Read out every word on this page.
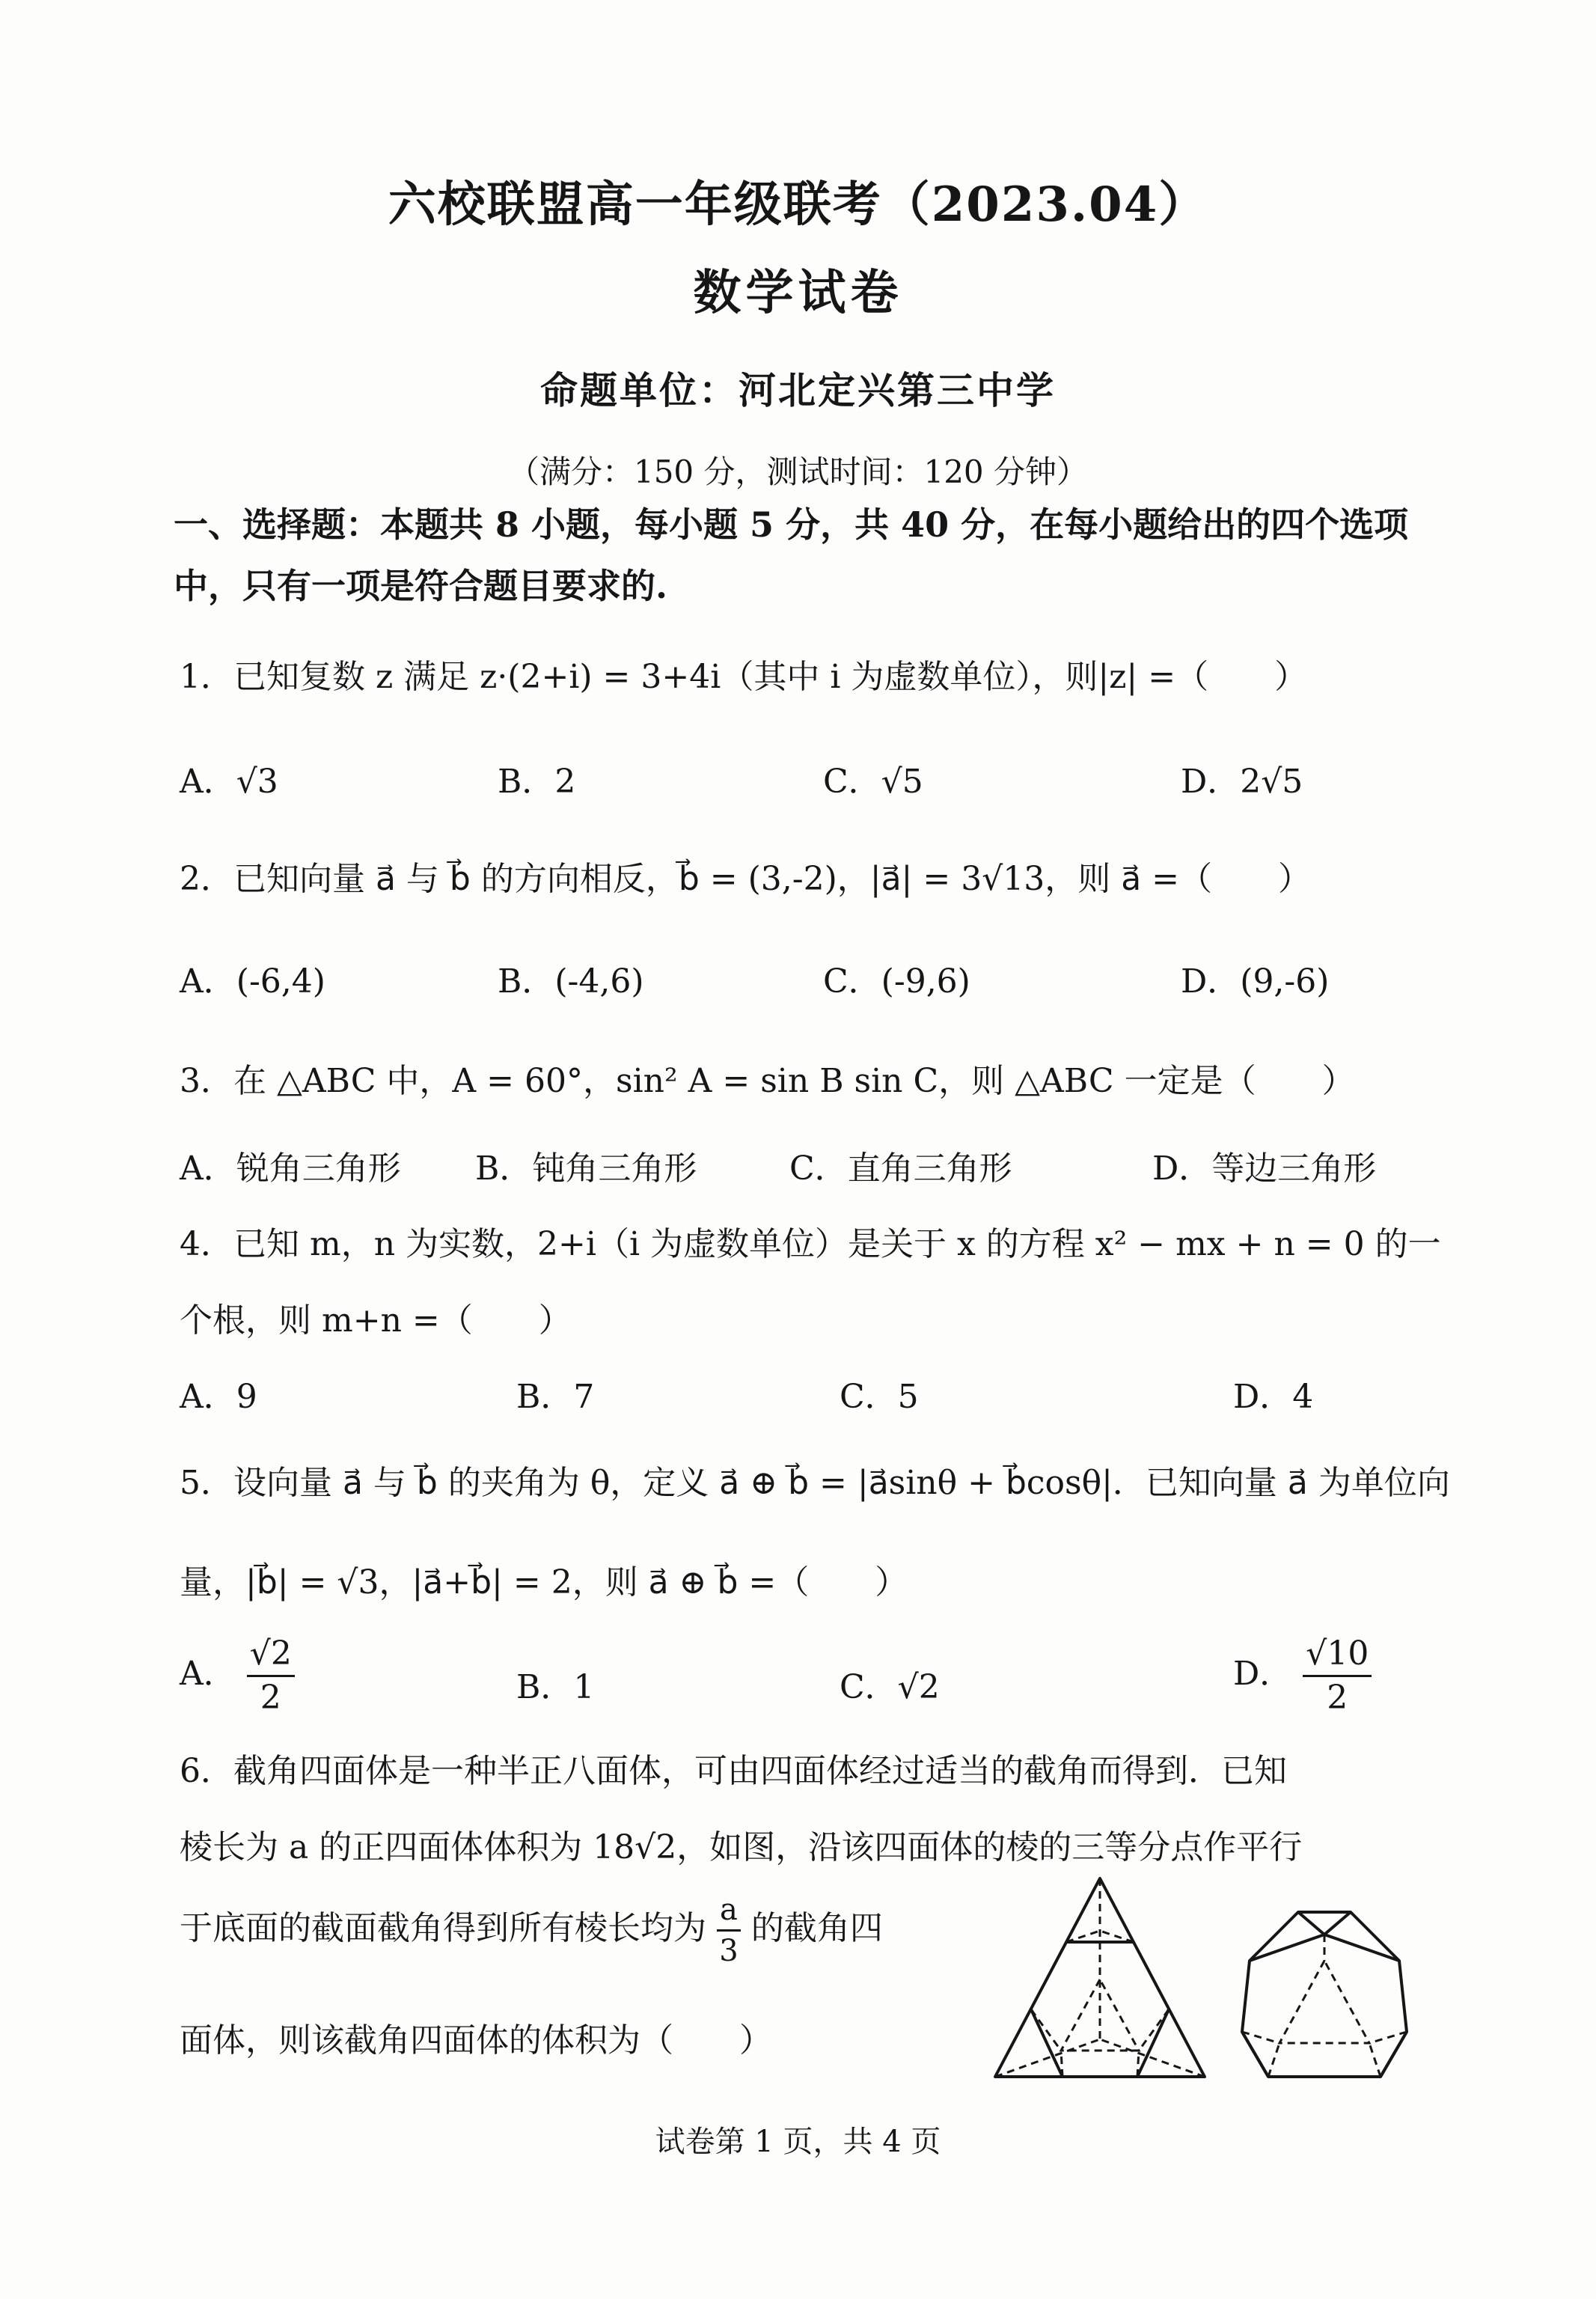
六校联盟高一年级联考（2023.04）
数学试卷
命题单位：河北定兴第三中学
（满分：150 分，测试时间：120 分钟）
一、选择题：本题共 8 小题，每小题 5 分，共 40 分，在每小题给出的四个选项中，只有一项是符合题目要求的.
1．已知复数 z 满足 z·(2+i) = 3+4i（其中 i 为虚数单位），则|z| =（　　）
A．√3	B．2	C．√5	D．2√5
2．已知向量 a⃗ 与 b⃗ 的方向相反，b⃗ = (3,-2)，|a⃗| = 3√13，则 a⃗ =（　　）
A．(-6,4)	B．(-4,6)	C．(-9,6)	D．(9,-6)
3．在 △ABC 中，A = 60°，sin² A = sin B sin C，则 △ABC 一定是（　　）
A．锐角三角形 B．钝角三角形	C．直角三角形	D．等边三角形
4．已知 m，n 为实数，2+i（i 为虚数单位）是关于 x 的方程 x² − mx + n = 0 的一
个根，则 m+n =（　　）
A．9	B．7	C．5	D．4
5．设向量 a⃗ 与 b⃗ 的夹角为 θ，定义 a⃗ ⊕ b⃗ = |a⃗sinθ + b⃗cosθ|．已知向量 a⃗ 为单位向
量，|b⃗| = √3，|a⃗+b⃗| = 2，则 a⃗ ⊕ b⃗ =（　　）
A． $\frac{√2}{2}$	B．1	C．√2	D． $\frac{√10}{2}$
6．截角四面体是一种半正八面体，可由四面体经过适当的截角而得到．已知
棱长为 a 的正四面体体积为 18√2，如图，沿该四面体的棱的三等分点作平行
于底面的截面截角得到所有棱长均为 $\frac{a}{3}$ 的截角四
面体，则该截角四面体的体积为（　　）
试卷第 1 页，共 4 页
